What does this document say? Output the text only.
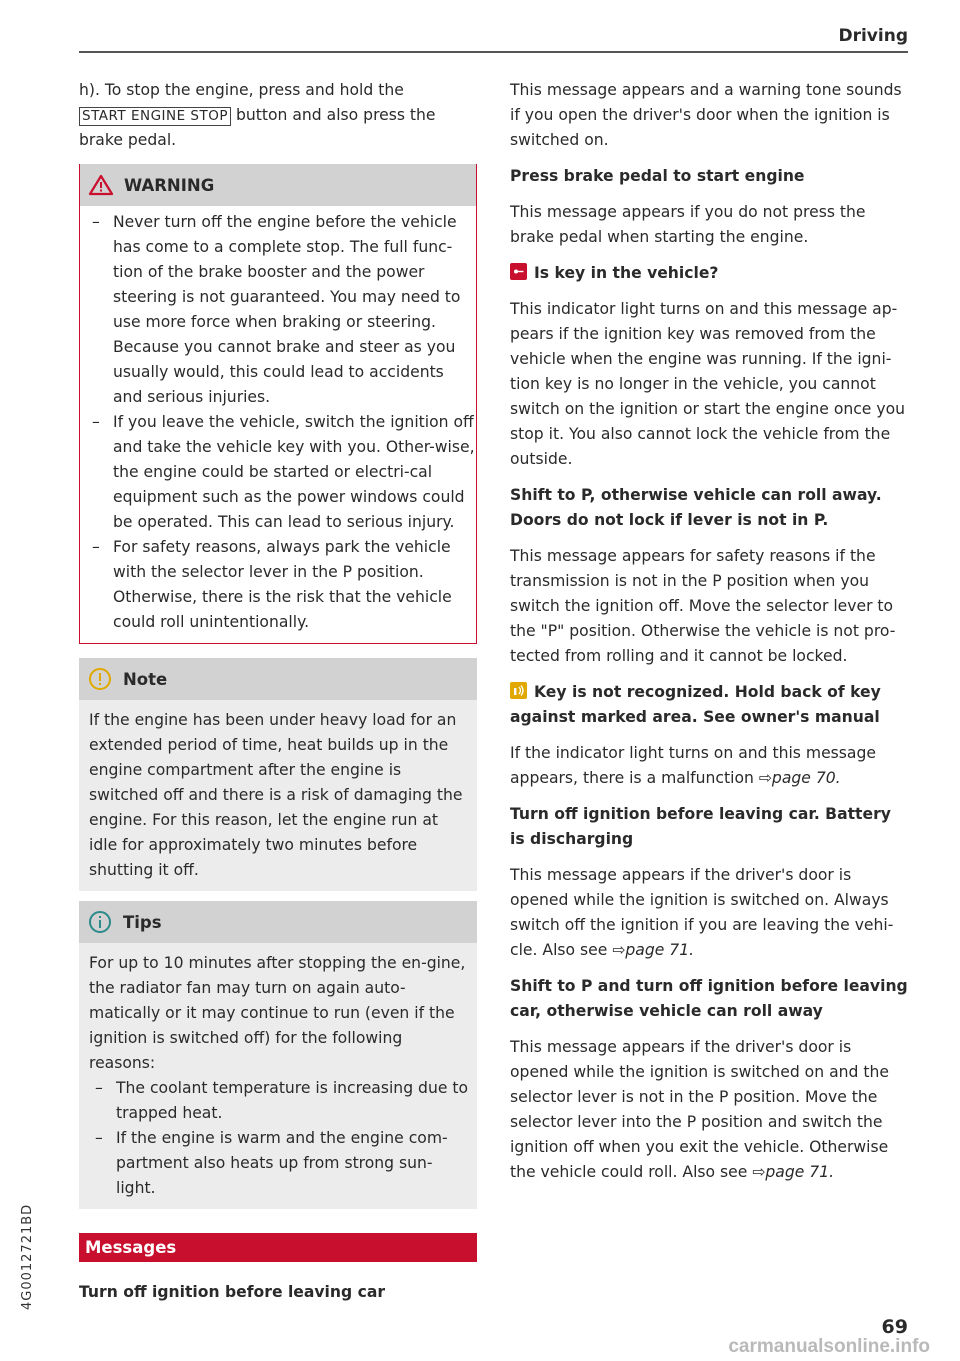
Driving

h). To stop the engine, press and hold the START ENGINE STOP button and also press the brake pedal.

WARNING
– Never turn off the engine before the vehicle has come to a complete stop. The full func-tion of the brake booster and the power steering is not guaranteed. You may need to use more force when braking or steering. Because you cannot brake and steer as you usually would, this could lead to accidents and serious injuries.
– If you leave the vehicle, switch the ignition off and take the vehicle key with you. Other-wise, the engine could be started or electri-cal equipment such as the power windows could be operated. This can lead to serious injury.
– For safety reasons, always park the vehicle with the selector lever in the P position. Otherwise, there is the risk that the vehicle could roll unintentionally.
Note
If the engine has been under heavy load for an extended period of time, heat builds up in the engine compartment after the engine is switched off and there is a risk of damaging the engine. For this reason, let the engine run at idle for approximately two minutes before shutting it off.
Tips
For up to 10 minutes after stopping the en-gine, the radiator fan may turn on again auto-matically or it may continue to run (even if the ignition is switched off) for the following reasons:
– The coolant temperature is increasing due to trapped heat.
– If the engine is warm and the engine com-partment also heats up from strong sun-light.
Messages

Turn off ignition before leaving car

This message appears and a warning tone sounds if you open the driver's door when the ignition is switched on.

Press brake pedal to start engine

This message appears if you do not press the brake pedal when starting the engine.

Is key in the vehicle?

This indicator light turns on and this message ap-pears if the ignition key was removed from the vehicle when the engine was running. If the igni-tion key is no longer in the vehicle, you cannot switch on the ignition or start the engine once you stop it. You also cannot lock the vehicle from the outside.

Shift to P, otherwise vehicle can roll away.
Doors do not lock if lever is not in P.

This message appears for safety reasons if the transmission is not in the P position when you switch the ignition off. Move the selector lever to the "P" position. Otherwise the vehicle is not pro-tected from rolling and it cannot be locked.

Key is not recognized. Hold back of key against marked area. See owner's manual

If the indicator light turns on and this message appears, there is a malfunction ⇨page 70.

Turn off ignition before leaving car. Battery is discharging

This message appears if the driver's door is opened while the ignition is switched on. Always switch off the ignition if you are leaving the vehi-cle. Also see ⇨page 71.

Shift to P and turn off ignition before leaving car, otherwise vehicle can roll away

This message appears if the driver's door is opened while the ignition is switched on and the selector lever is not in the P position. Move the selector lever into the P position and switch the ignition off when you exit the vehicle. Otherwise the vehicle could roll. Also see ⇨page 71.

4G0012721BD
69
carmanualsonline.info
